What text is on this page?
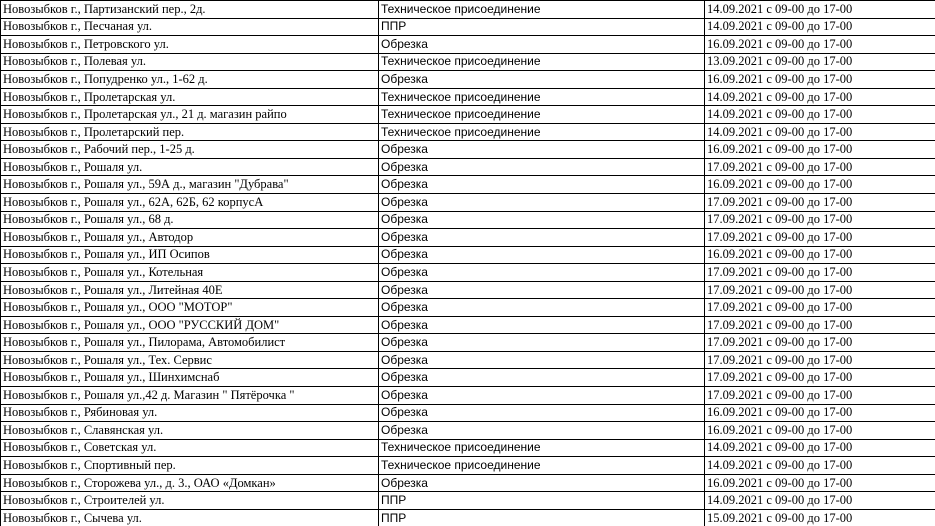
Новозыбков г., Партизанский пер., 2д.	Техническое присоединение	14.09.2021 с 09-00 до 17-00
Новозыбков г., Песчаная ул.	ППР	14.09.2021 с 09-00 до 17-00
Новозыбков г., Петровского ул.	Обрезка	16.09.2021 с 09-00 до 17-00
Новозыбков г., Полевая ул.	Техническое присоединение	13.09.2021 с 09-00 до 17-00
Новозыбков г., Попудренко ул., 1-62 д.	Обрезка	16.09.2021 с 09-00 до 17-00
Новозыбков г., Пролетарская ул.	Техническое присоединение	14.09.2021 с 09-00 до 17-00
Новозыбков г., Пролетарская ул., 21 д. магазин райпо	Техническое присоединение	14.09.2021 с 09-00 до 17-00
Новозыбков г., Пролетарский пер.	Техническое присоединение	14.09.2021 с 09-00 до 17-00
Новозыбков г., Рабочий пер., 1-25 д.	Обрезка	16.09.2021 с 09-00 до 17-00
Новозыбков г., Рошаля ул.	Обрезка	17.09.2021 с 09-00 до 17-00
Новозыбков г., Рошаля ул., 59А д., магазин "Дубрава"	Обрезка	16.09.2021 с 09-00 до 17-00
Новозыбков г., Рошаля ул., 62А, 62Б, 62 корпусА	Обрезка	17.09.2021 с 09-00 до 17-00
Новозыбков г., Рошаля ул., 68 д.	Обрезка	17.09.2021 с 09-00 до 17-00
Новозыбков г., Рошаля ул., Автодор	Обрезка	17.09.2021 с 09-00 до 17-00
Новозыбков г., Рошаля ул., ИП Осипов	Обрезка	16.09.2021 с 09-00 до 17-00
Новозыбков г., Рошаля ул., Котельная	Обрезка	17.09.2021 с 09-00 до 17-00
Новозыбков г., Рошаля ул., Литейная 40Е	Обрезка	17.09.2021 с 09-00 до 17-00
Новозыбков г., Рошаля ул., ООО "МОТОР"	Обрезка	17.09.2021 с 09-00 до 17-00
Новозыбков г., Рошаля ул., ООО "РУССКИЙ ДОМ"	Обрезка	17.09.2021 с 09-00 до 17-00
Новозыбков г., Рошаля ул., Пилорама, Автомобилист	Обрезка	17.09.2021 с 09-00 до 17-00
Новозыбков г., Рошаля ул., Тех. Сервис	Обрезка	17.09.2021 с 09-00 до 17-00
Новозыбков г., Рошаля ул., Шинхимснаб	Обрезка	17.09.2021 с 09-00 до 17-00
Новозыбков г., Рошаля ул.,42 д. Магазин " Пятёрочка "	Обрезка	17.09.2021 с 09-00 до 17-00
Новозыбков г., Рябиновая ул.	Обрезка	16.09.2021 с 09-00 до 17-00
Новозыбков г., Славянская ул.	Обрезка	16.09.2021 с 09-00 до 17-00
Новозыбков г., Советская ул.	Техническое присоединение	14.09.2021 с 09-00 до 17-00
Новозыбков г., Спортивный пер.	Техническое присоединение	14.09.2021 с 09-00 до 17-00
Новозыбков г., Сторожева ул., д. 3., ОАО «Домкан»	Обрезка	16.09.2021 с 09-00 до 17-00
Новозыбков г., Строителей ул.	ППР	14.09.2021 с 09-00 до 17-00
Новозыбков г., Сычева ул.	ППР	15.09.2021 с 09-00 до 17-00
